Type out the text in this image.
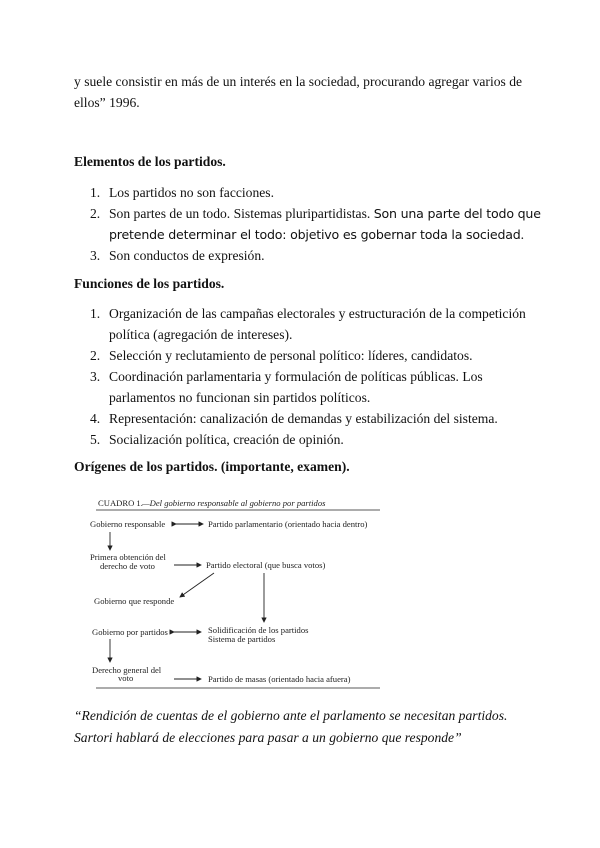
y suele consistir en más de un interés en la sociedad, procurando agregar varios de
ellos” 1996.
Elementos de los partidos.
1. Los partidos no son facciones.
2. Son partes de un todo. Sistemas pluripartidistas. Son una parte del todo que
pretende determinar el todo: objetivo es gobernar toda la sociedad.
3. Son conductos de expresión.
Funciones de los partidos.
1. Organización de las campañas electorales y estructuración de la competición
política (agregación de intereses).
2. Selección y reclutamiento de personal político: líderes, candidatos.
3. Coordinación parlamentaria y formulación de políticas públicas. Los
parlamentos no funcionan sin partidos políticos.
4. Representación: canalización de demandas y estabilización del sistema.
5. Socialización política, creación de opinión.
Orígenes de los partidos. (importante, examen).
CUADRO 1. —Del gobierno responsable al gobierno por partidos
Gobierno responsable	Partido parlamentario (orientado hacia dentro)
Primera obtención del
derecho de voto	Partido electoral (que busca votos)
Gobierno que responde
Gobierno por partidos	Solidificación de los partidos
Sistema de partidos
Derecho general del
voto	Partido de masas (orientado hacia afuera)
“Rendición de cuentas de el gobierno ante el parlamento se necesitan partidos.
Sartori hablará de elecciones para pasar a un gobierno que responde”
